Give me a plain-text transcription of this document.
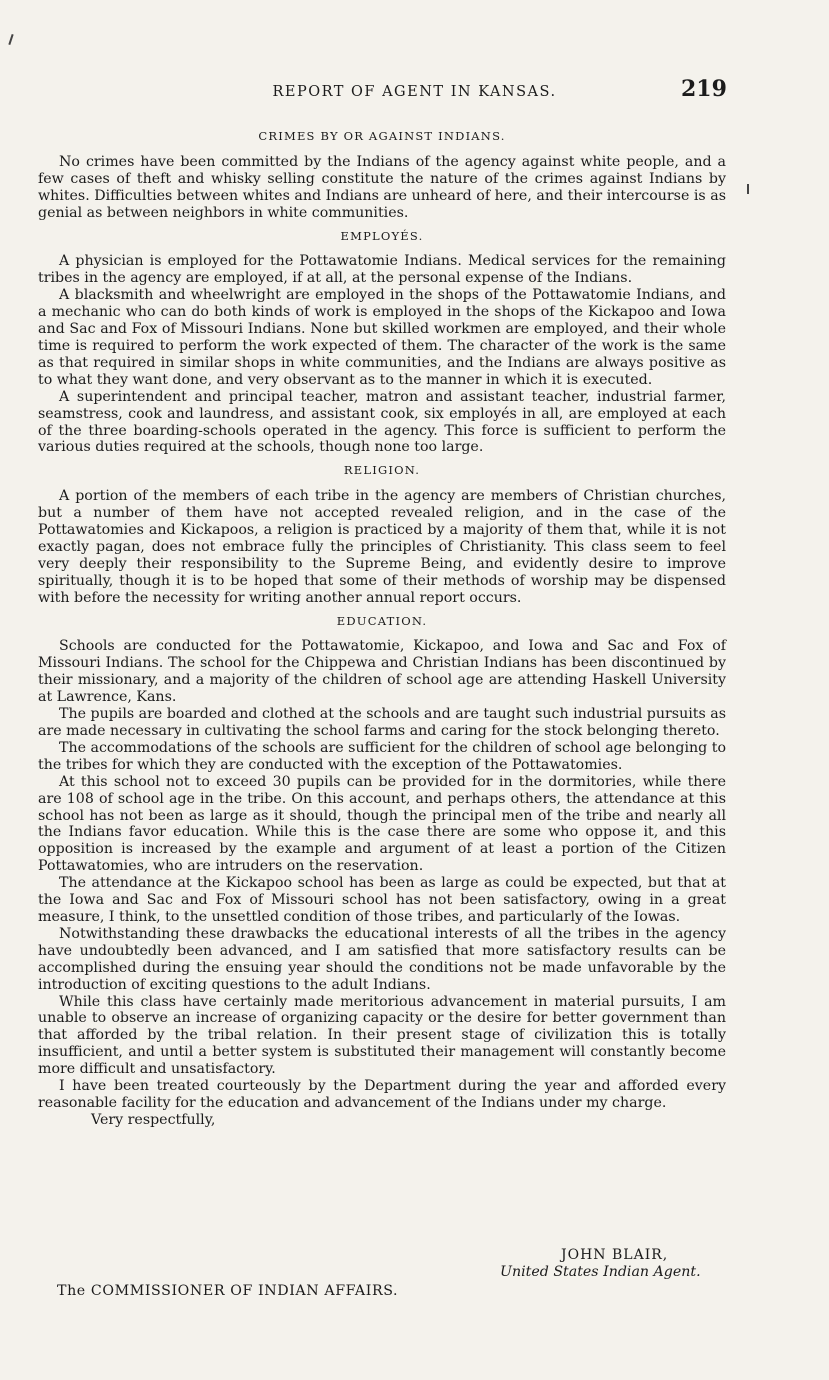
REPORT OF AGENT IN KANSAS.	219
CRIMES BY OR AGAINST INDIANS.

No crimes have been committed by the Indians of the agency against white people, and a few cases of theft and whisky selling constitute the nature of the crimes against Indians by whites. Difficulties between whites and Indians are unheard of here, and their intercourse is as genial as between neighbors in white communities.

EMPLOYÉS.

A physician is employed for the Pottawatomie Indians. Medical services for the remaining tribes in the agency are employed, if at all, at the personal expense of the Indians.

A blacksmith and wheelwright are employed in the shops of the Pottawatomie Indians, and a mechanic who can do both kinds of work is employed in the shops of the Kickapoo and Iowa and Sac and Fox of Missouri Indians. None but skilled workmen are employed, and their whole time is required to perform the work expected of them. The character of the work is the same as that required in similar shops in white communities, and the Indians are always positive as to what they want done, and very observant as to the manner in which it is executed.

A superintendent and principal teacher, matron and assistant teacher, industrial farmer, seamstress, cook and laundress, and assistant cook, six employés in all, are employed at each of the three boarding-schools operated in the agency. This force is sufficient to perform the various duties required at the schools, though none too large.

RELIGION.

A portion of the members of each tribe in the agency are members of Christian churches, but a number of them have not accepted revealed religion, and in the case of the Pottawatomies and Kickapoos, a religion is practiced by a majority of them that, while it is not exactly pagan, does not embrace fully the principles of Christianity. This class seem to feel very deeply their responsibility to the Supreme Being, and evidently desire to improve spiritually, though it is to be hoped that some of their methods of worship may be dispensed with before the necessity for writing another annual report occurs.

EDUCATION.

Schools are conducted for the Pottawatomie, Kickapoo, and Iowa and Sac and Fox of Missouri Indians. The school for the Chippewa and Christian Indians has been discontinued by their missionary, and a majority of the children of school age are attending Haskell University at Lawrence, Kans.

The pupils are boarded and clothed at the schools and are taught such industrial pursuits as are made necessary in cultivating the school farms and caring for the stock belonging thereto.

The accommodations of the schools are sufficient for the children of school age belonging to the tribes for which they are conducted with the exception of the Pottawatomies.

At this school not to exceed 30 pupils can be provided for in the dormitories, while there are 108 of school age in the tribe. On this account, and perhaps others, the attendance at this school has not been as large as it should, though the principal men of the tribe and nearly all the Indians favor education. While this is the case there are some who oppose it, and this opposition is increased by the example and argument of at least a portion of the Citizen Pottawatomies, who are intruders on the reservation.

The attendance at the Kickapoo school has been as large as could be expected, but that at the Iowa and Sac and Fox of Missouri school has not been satisfactory, owing in a great measure, I think, to the unsettled condition of those tribes, and particularly of the Iowas.

Notwithstanding these drawbacks the educational interests of all the tribes in the agency have undoubtedly been advanced, and I am satisfied that more satisfactory results can be accomplished during the ensuing year should the conditions not be made unfavorable by the introduction of exciting questions to the adult Indians.

While this class have certainly made meritorious advancement in material pursuits, I am unable to observe an increase of organizing capacity or the desire for better government than that afforded by the tribal relation. In their present stage of civilization this is totally insufficient, and until a better system is substituted their management will constantly become more difficult and unsatisfactory.

I have been treated courteously by the Department during the year and afforded every reasonable facility for the education and advancement of the Indians under my charge.

Very respectfully,

JOHN BLAIR,
United States Indian Agent.
The COMMISSIONER OF INDIAN AFFAIRS.
